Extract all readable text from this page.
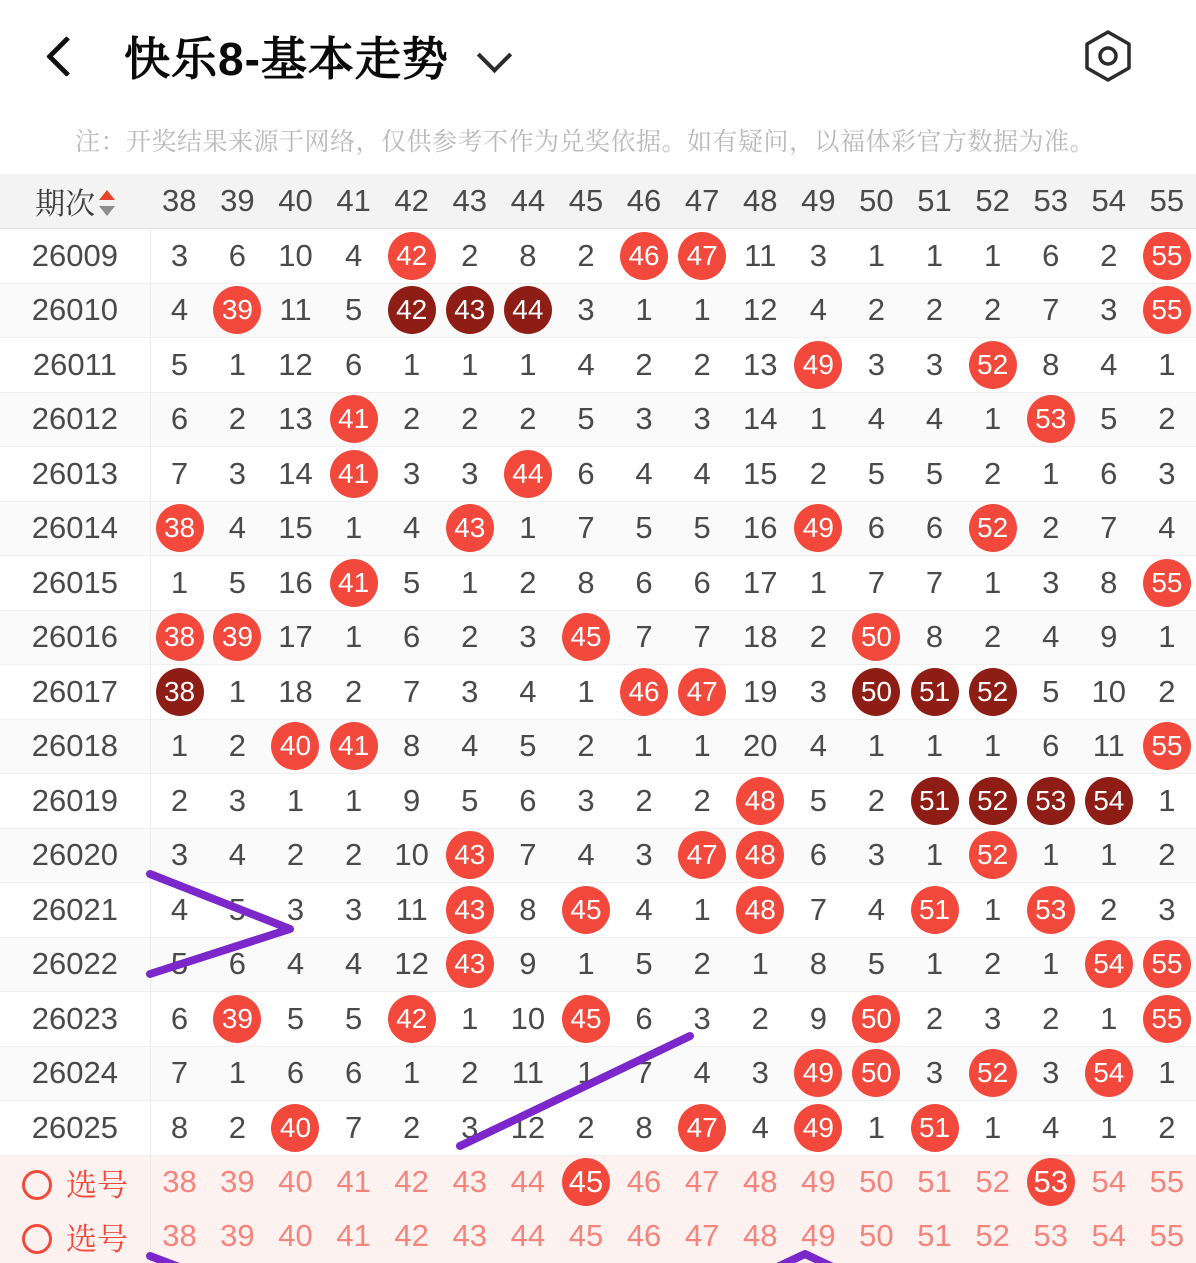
快乐8-基本走势
注：开奖结果来源于网络，仅供参考不作为兑奖依据。如有疑问，以福体彩官方数据为准。
期次	38	39	40	41	42	43	44	45	46	47	48	49	50	51	52	53	54	55
26009	3	6	10	4	42	2	8	2	46	47	11	3	1	1	1	6	2	55
26010	4	39	11	5	42	43	44	3	1	1	12	4	2	2	2	7	3	55
26011	5	1	12	6	1	1	1	4	2	2	13	49	3	3	52	8	4	1
26012	6	2	13	41	2	2	2	5	3	3	14	1	4	4	1	53	5	2
26013	7	3	14	41	3	3	44	6	4	4	15	2	5	5	2	1	6	3
26014	38	4	15	1	4	43	1	7	5	5	16	49	6	6	52	2	7	4
26015	1	5	16	41	5	1	2	8	6	6	17	1	7	7	1	3	8	55
26016	38	39	17	1	6	2	3	45	7	7	18	2	50	8	2	4	9	1
26017	38	1	18	2	7	3	4	1	46	47	19	3	50	51	52	5	10	2
26018	1	2	40	41	8	4	5	2	1	1	20	4	1	1	1	6	11	55
26019	2	3	1	1	9	5	6	3	2	2	48	5	2	51	52	53	54	1
26020	3	4	2	2	10	43	7	4	3	47	48	6	3	1	52	1	1	2
26021	4	5	3	3	11	43	8	45	4	1	48	7	4	51	1	53	2	3
26022	5	6	4	4	12	43	9	1	5	2	1	8	5	1	2	1	54	55
26023	6	39	5	5	42	1	10	45	6	3	2	9	50	2	3	2	1	55
26024	7	1	6	6	1	2	11	1	7	4	3	49	50	3	52	3	54	1
26025	8	2	40	7	2	3	12	2	8	47	4	49	1	51	1	4	1	2
选号	38	39	40	41	42	43	44	45	46	47	48	49	50	51	52	53	54	55
选号	38	39	40	41	42	43	44	45	46	47	48	49	50	51	52	53	54	55
